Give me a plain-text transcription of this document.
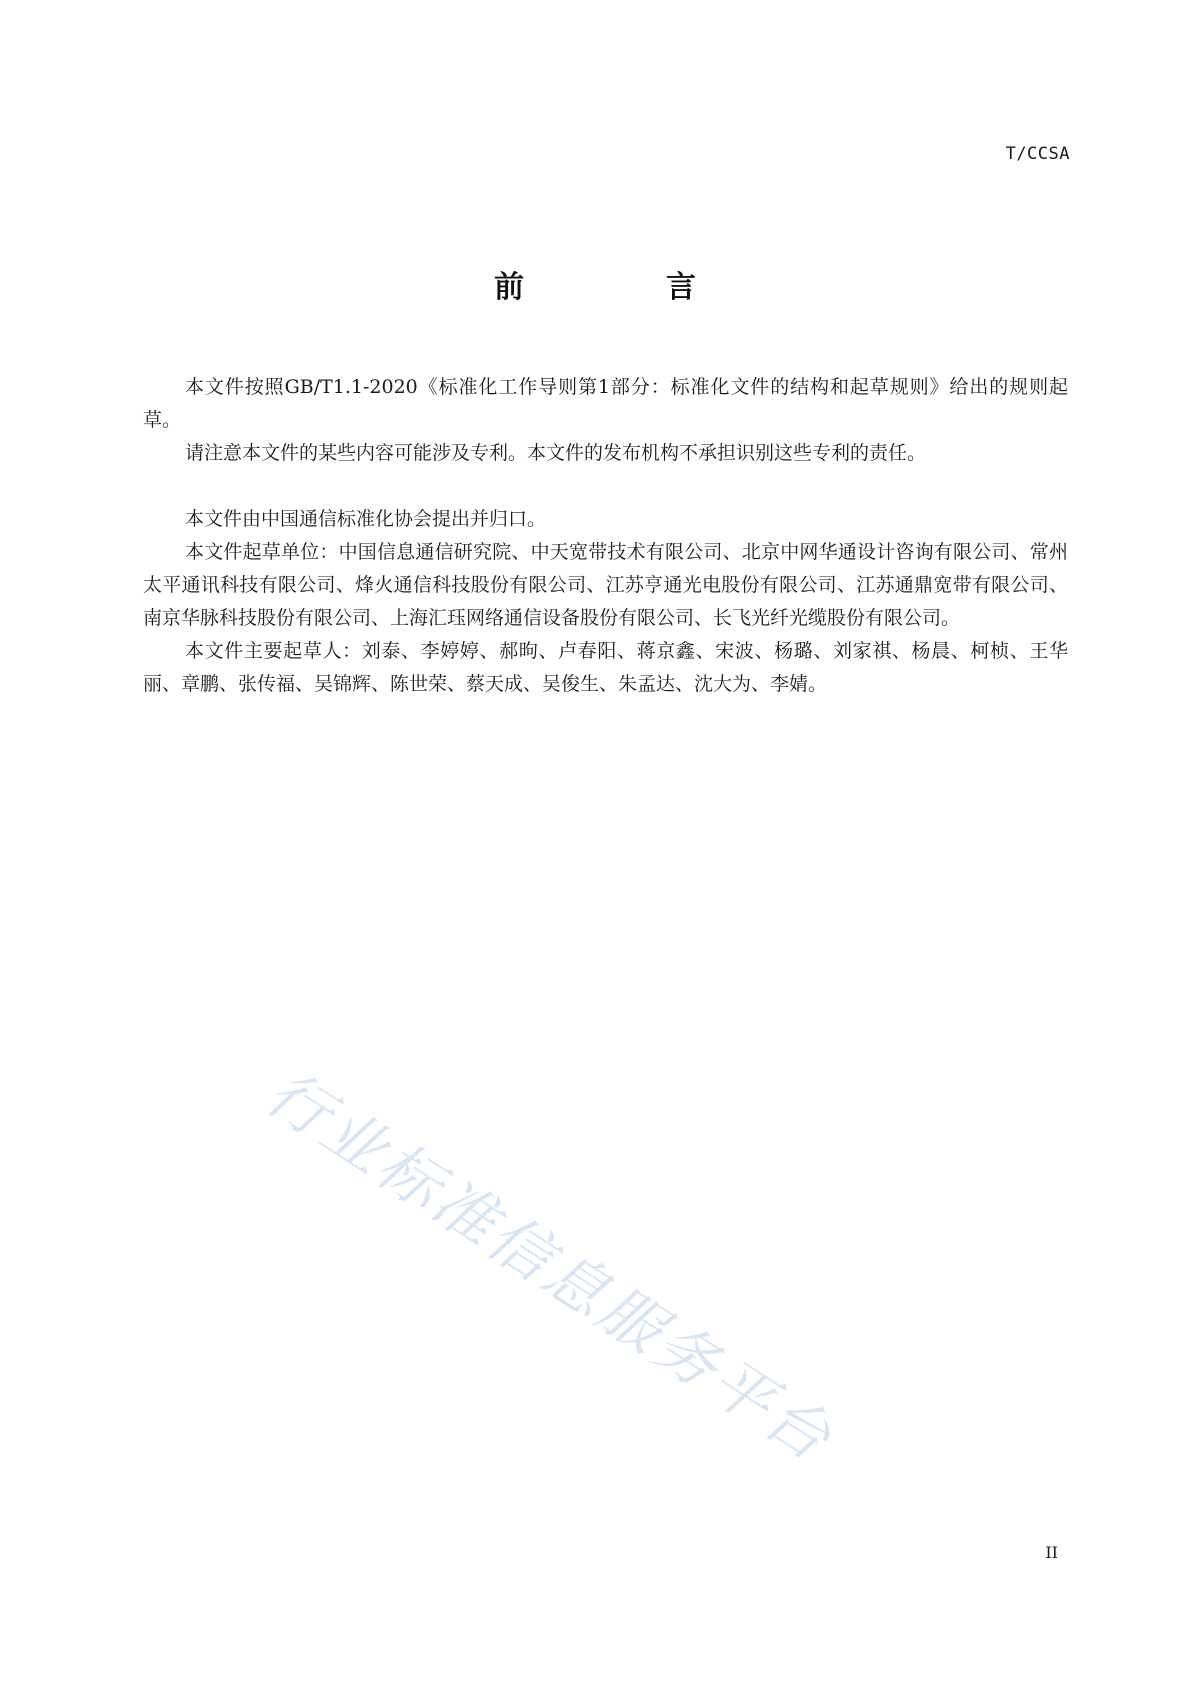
T/CCSA
前　言

本文件按照GB/T1.1-2020《标准化工作导则第1部分：标准化文件的结构和起草规则》给出的规则起草。

请注意本文件的某些内容可能涉及专利。本文件的发布机构不承担识别这些专利的责任。

本文件由中国通信标准化协会提出并归口。

本文件起草单位：中国信息通信研究院、中天宽带技术有限公司、北京中网华通设计咨询有限公司、常州太平通讯科技有限公司、烽火通信科技股份有限公司、江苏亨通光电股份有限公司、江苏通鼎宽带有限公司、南京华脉科技股份有限公司、上海汇珏网络通信设备股份有限公司、长飞光纤光缆股份有限公司。

本文件主要起草人：刘泰、李婷婷、郝昫、卢春阳、蒋京鑫、宋波、杨璐、刘家祺、杨晨、柯桢、王华丽、章鹏、张传福、吴锦辉、陈世荣、蔡天成、吴俊生、朱孟达、沈大为、李婧。

行业标准信息服务平台
II
